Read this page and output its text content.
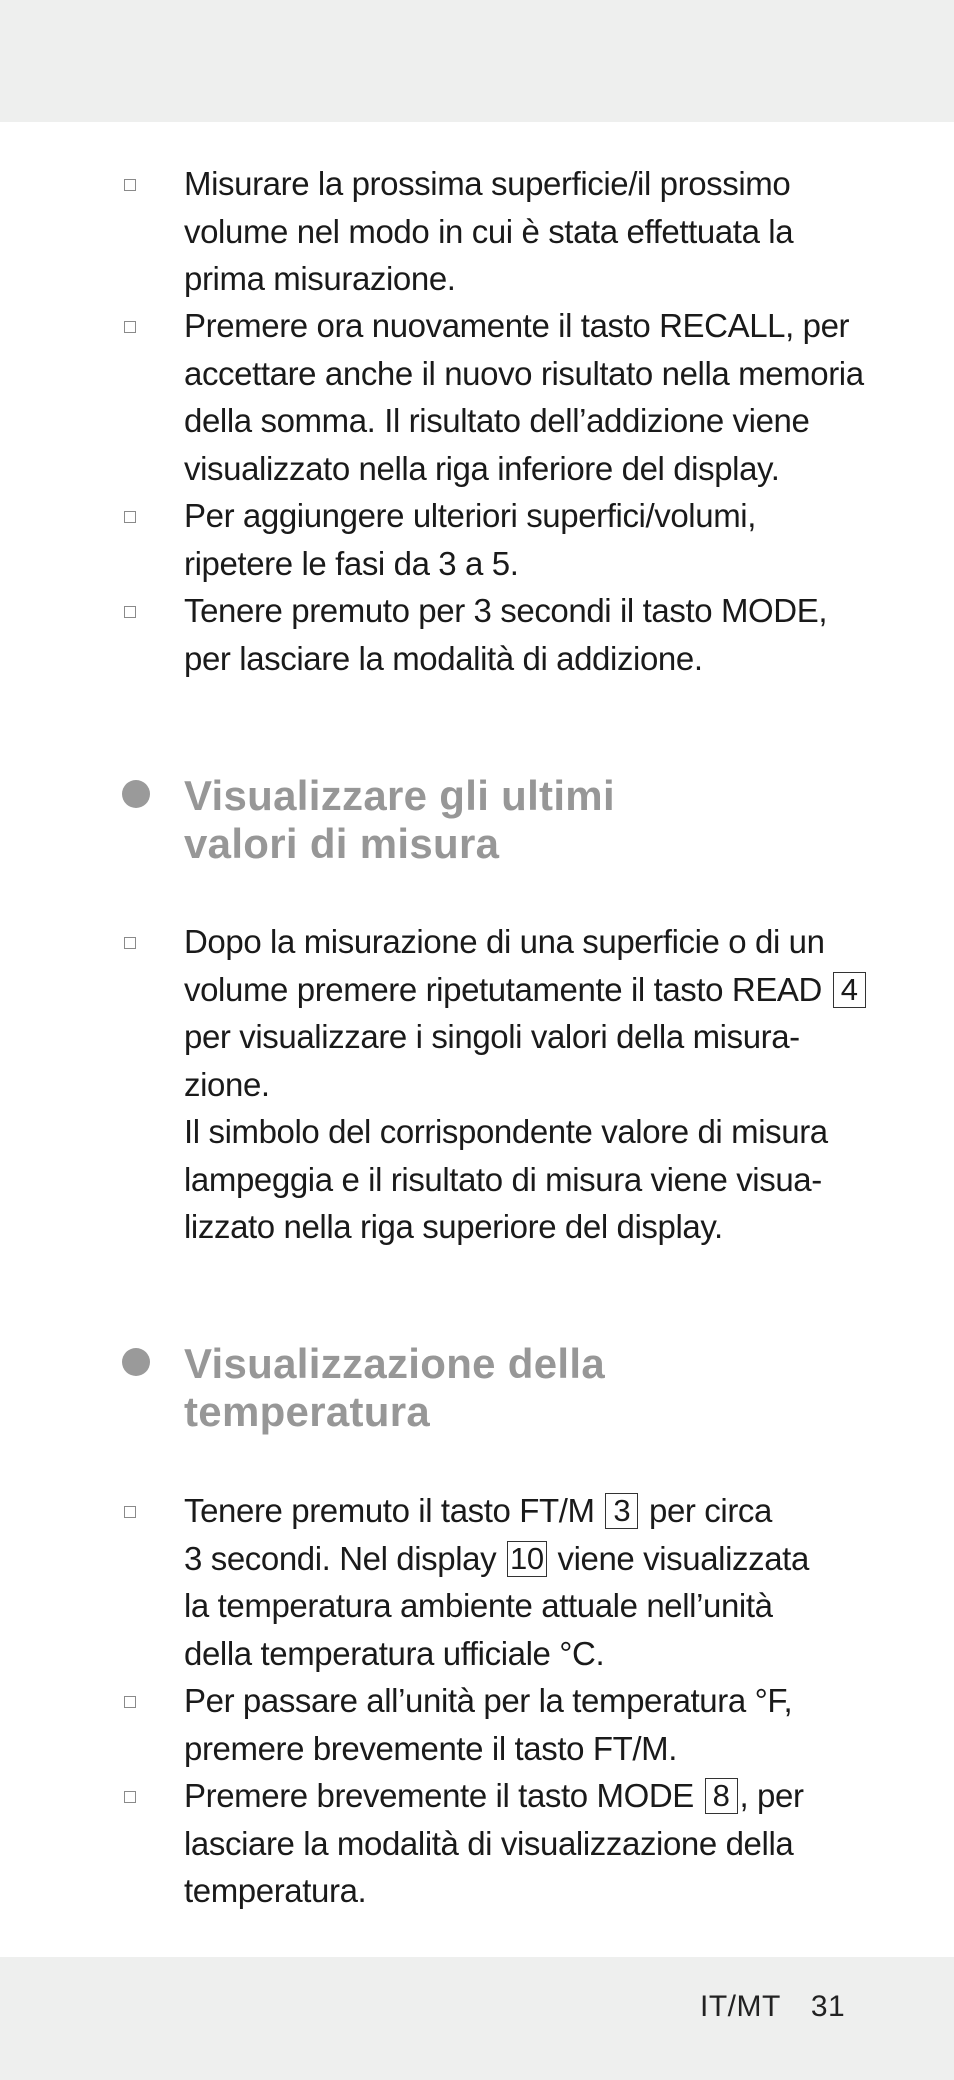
Misurare la prossima superficie/il prossimo
volume nel modo in cui è stata effettuata la
prima misurazione.
Premere ora nuovamente il tasto RECALL, per
accettare anche il nuovo risultato nella memoria
della somma. Il risultato dell’addizione viene
visualizzato nella riga inferiore del display.
Per aggiungere ulteriori superfici/volumi,
ripetere le fasi da 3 a 5.
Tenere premuto per 3 secondi il tasto MODE,
per lasciare la modalità di addizione.
Visualizzare gli ultimi
valori di misura
Dopo la misurazione di una superficie o di un
volume premere ripetutamente il tasto READ 4
per visualizzare i singoli valori della misura-
zione.
Il simbolo del corrispondente valore di misura
lampeggia e il risultato di misura viene visua-
lizzato nella riga superiore del display.
Visualizzazione della
temperatura
Tenere premuto il tasto FT/M 3 per circa
3 secondi. Nel display 10 viene visualizzata
la temperatura ambiente attuale nell’unità
della temperatura ufficiale °C.
Per passare all’unità per la temperatura °F,
premere brevemente il tasto FT/M.
Premere brevemente il tasto MODE 8 , per
lasciare la modalità di visualizzazione della
temperatura.
IT/MT 31
